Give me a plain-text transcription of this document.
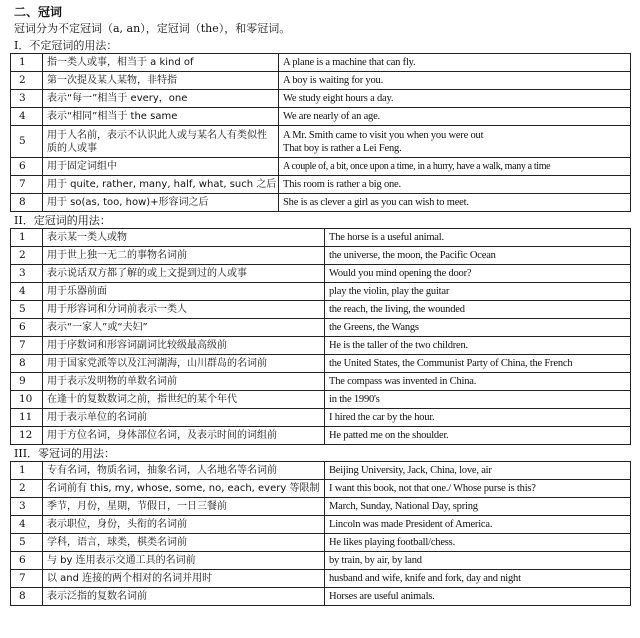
二、冠词
冠词分为不定冠词（a, an），定冠词（the），和零冠词。
I．不定冠词的用法：
1	指一类人或事，相当于 a kind of	A plane is a machine that can fly.
2	第一次提及某人某物，非特指	A boy is waiting for you.
3	表示“每一”相当于 every，one	We study eight hours a day.
4	表示“相同”相当于 the same	We are nearly of an age.
5	用于人名前，表示不认识此人或与某名人有类似性质的人或事	A Mr. Smith came to visit you when you were out
That boy is rather a Lei Feng.

6	用于固定词组中	A couple of, a bit, once upon a time, in a hurry, have a walk, many a time
7	用于 quite, rather, many, half, what, such 之后	This room is rather a big one.
8	用于 so(as, too, how)+形容词之后	She is as clever a girl as you can wish to meet.
II．定冠词的用法：
1	表示某一类人或物	The horse is a useful animal.
2	用于世上独一无二的事物名词前	the universe, the moon, the Pacific Ocean
3	表示说话双方都了解的或上文提到过的人或事	Would you mind opening the door?
4	用于乐器前面	play the violin, play the guitar
5	用于形容词和分词前表示一类人	the reach, the living, the wounded
6	表示“一家人”或“夫妇”	the Greens, the Wangs
7	用于序数词和形容词副词比较级最高级前	He is the taller of the two children.
8	用于国家党派等以及江河湖海，山川群岛的名词前	the United States, the Communist Party of China, the French
9	用于表示发明物的单数名词前	The compass was invented in China.
10	在逢十的复数数词之前，指世纪的某个年代	in the 1990's
11	用于表示单位的名词前	I hired the car by the hour.
12	用于方位名词，身体部位名词，及表示时间的词组前	He patted me on the shoulder.
III．零冠词的用法：
1	专有名词，物质名词，抽象名词，人名地名等名词前	Beijing University, Jack, China, love, air
2	名词前有 this, my, whose, some, no, each, every 等限制	I want this book, not that one./ Whose purse is this?
3	季节，月份，星期，节假日，一日三餐前	March, Sunday, National Day, spring
4	表示职位，身份，头衔的名词前	Lincoln was made President of America.
5	学科，语言，球类，棋类名词前	He likes playing football/chess.
6	与 by 连用表示交通工具的名词前	by train, by air, by land
7	以 and 连接的两个相对的名词并用时	husband and wife, knife and fork, day and night
8	表示泛指的复数名词前	Horses are useful animals.
